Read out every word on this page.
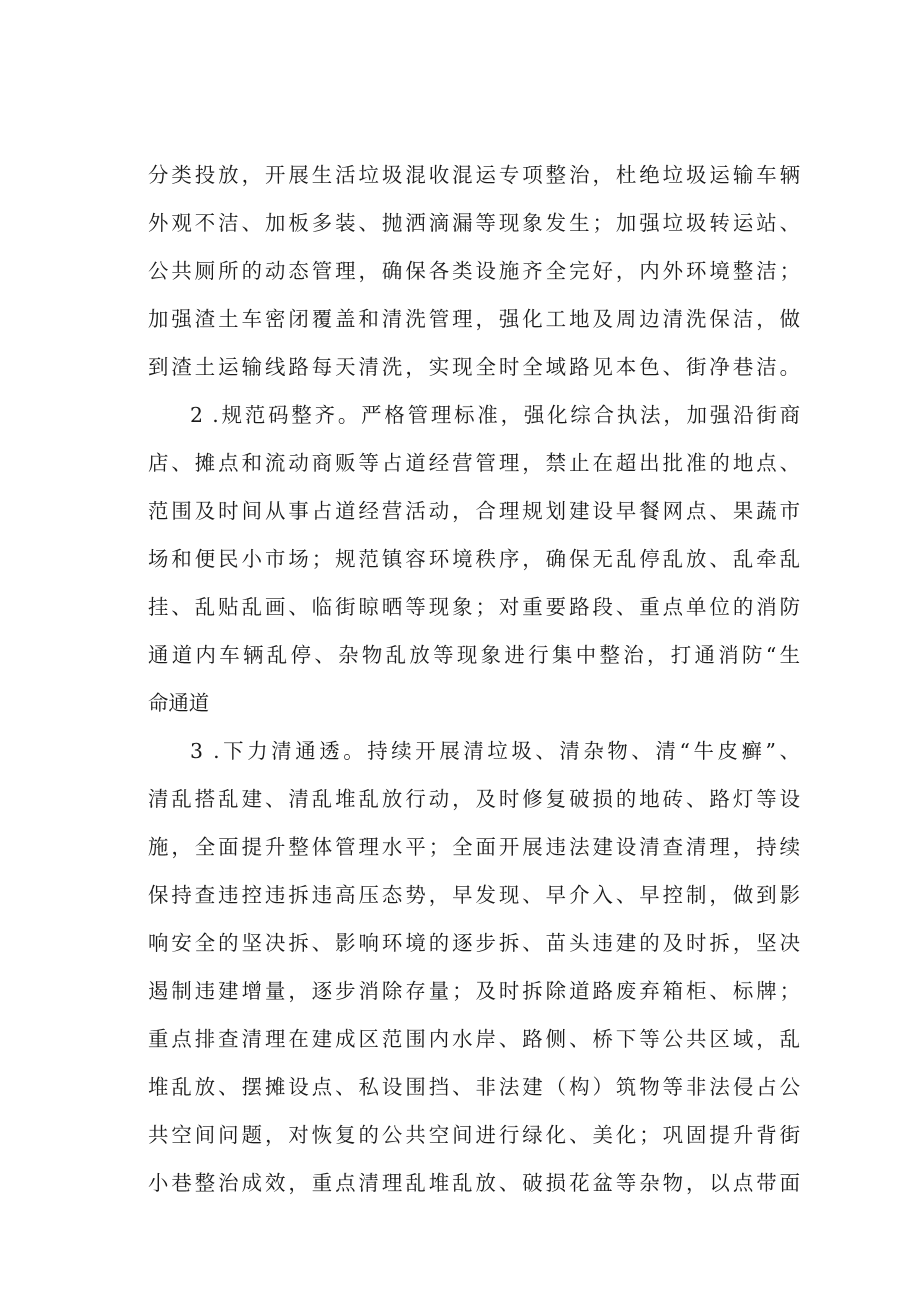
分类投放，开展生活垃圾混收混运专项整治，杜绝垃圾运输车辆

外观不洁、加板多装、抛洒滴漏等现象发生；加强垃圾转运站、

公共厕所的动态管理，确保各类设施齐全完好，内外环境整洁；

加强渣土车密闭覆盖和清洗管理，强化工地及周边清洗保洁，做

到渣土运输线路每天清洗，实现全时全域路见本色、街净巷洁。

2 .规范码整齐。严格管理标准，强化综合执法，加强沿街商

店、摊点和流动商贩等占道经营管理，禁止在超出批准的地点、

范围及时间从事占道经营活动，合理规划建设早餐网点、果蔬市

场和便民小市场；规范镇容环境秩序，确保无乱停乱放、乱牵乱

挂、乱贴乱画、临街晾晒等现象；对重要路段、重点单位的消防

通道内车辆乱停、杂物乱放等现象进行集中整治，打通消防“生

命通道

3 .下力清通透。持续开展清垃圾、清杂物、清“牛皮癣”、

清乱搭乱建、清乱堆乱放行动，及时修复破损的地砖、路灯等设

施，全面提升整体管理水平；全面开展违法建设清查清理，持续

保持查违控违拆违高压态势，早发现、早介入、早控制，做到影

响安全的坚决拆、影响环境的逐步拆、苗头违建的及时拆，坚决

遏制违建增量，逐步消除存量；及时拆除道路废弃箱柜、标牌；

重点排查清理在建成区范围内水岸、路侧、桥下等公共区域，乱

堆乱放、摆摊设点、私设围挡、非法建（构）筑物等非法侵占公

共空间问题，对恢复的公共空间进行绿化、美化；巩固提升背街

小巷整治成效，重点清理乱堆乱放、破损花盆等杂物，以点带面
